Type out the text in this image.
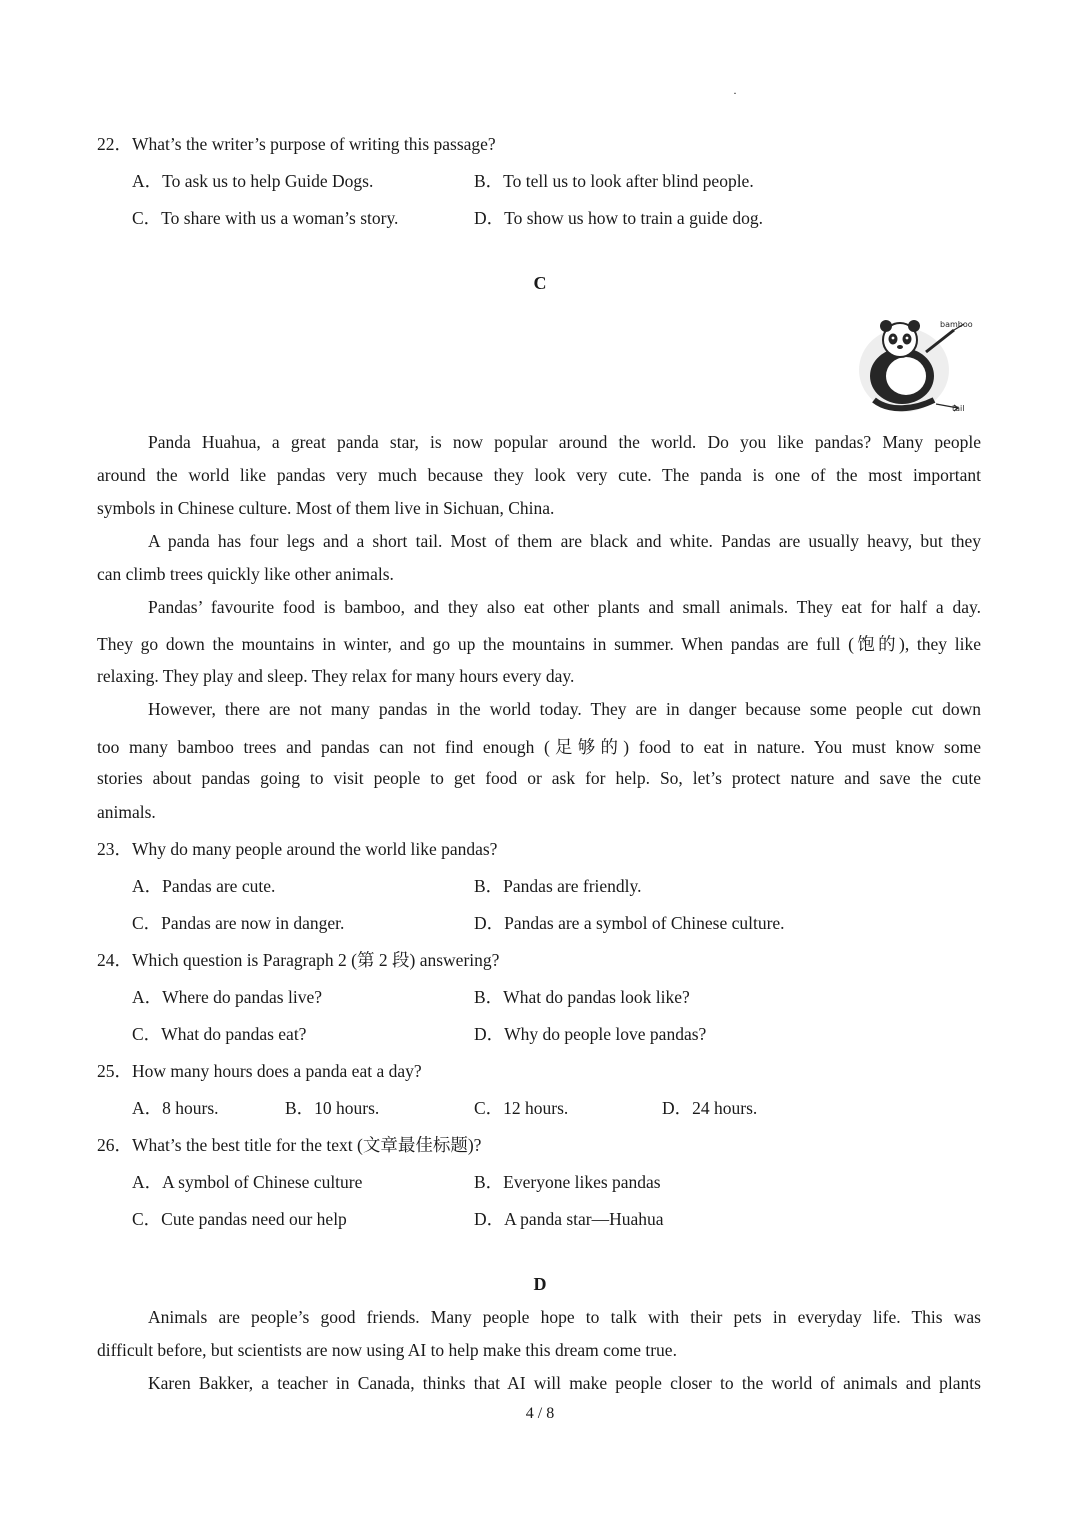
·
22．What’s the writer’s purpose of writing this passage?
A．To ask us to help Guide Dogs.	B．To tell us to look after blind people.
C．To share with us a woman’s story.	D．To show us how to train a guide dog.
C
bamboo
tail
Panda Huahua, a great panda star, is now popular around the world. Do you like pandas? Many people
around the world like pandas very much because they look very cute. The panda is one of the most important
symbols in Chinese culture. Most of them live in Sichuan, China.
A panda has four legs and a short tail. Most of them are black and white. Pandas are usually heavy, but they
can climb trees quickly like other animals.
Pandas’ favourite food is bamboo, and they also eat other plants and small animals. They eat for half a day.
They go down the mountains in winter, and go up the mountains in summer. When pandas are full (饱的), they like
relaxing. They play and sleep. They relax for many hours every day.
However, there are not many pandas in the world today. They are in danger because some people cut down
too many bamboo trees and pandas can not find enough (足够的) food to eat in nature. You must know some
stories about pandas going to visit people to get food or ask for help. So, let’s protect nature and save the cute
animals.
23．Why do many people around the world like pandas?
A．Pandas are cute.	B．Pandas are friendly.
C．Pandas are now in danger.	D．Pandas are a symbol of Chinese culture.
24．Which question is Paragraph 2 (第 2 段) answering?
A．Where do pandas live?	B．What do pandas look like?
C．What do pandas eat?	D．Why do people love pandas?
25．How many hours does a panda eat a day?
A．8 hours.	B．10 hours.	C．12 hours.	D．24 hours.
26．What’s the best title for the text (文章最佳标题)?
A．A symbol of Chinese culture	B．Everyone likes pandas
C．Cute pandas need our help	D．A panda star—Huahua
D
Animals are people’s good friends. Many people hope to talk with their pets in everyday life. This was
difficult before, but scientists are now using AI to help make this dream come true.
Karen Bakker, a teacher in Canada, thinks that AI will make people closer to the world of animals and plants
4 / 8
